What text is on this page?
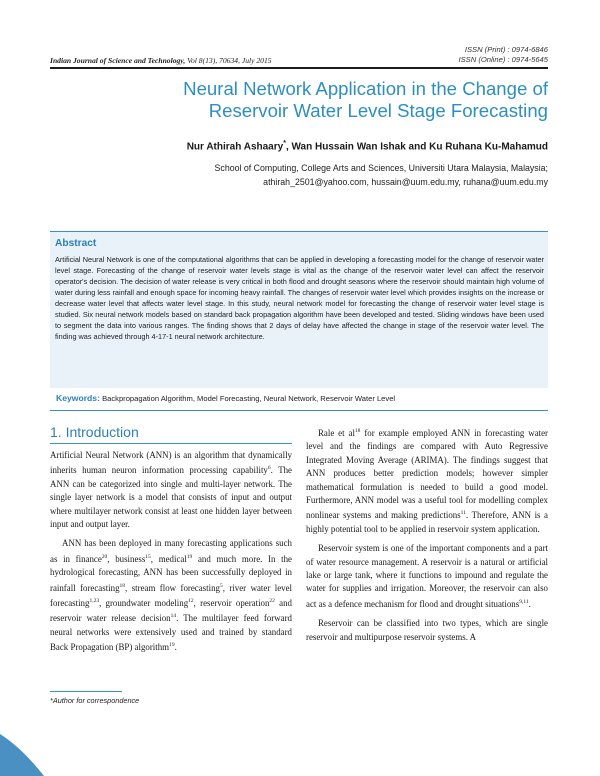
ISSN (Print) : 0974-6846
ISSN (Online) : 0974-5645
Indian Journal of Science and Technology, Vol 8(13), 70634, July 2015
Neural Network Application in the Change of
Reservoir Water Level Stage Forecasting
Nur Athirah Ashaary*, Wan Hussain Wan Ishak and Ku Ruhana Ku-Mahamud
School of Computing, College Arts and Sciences, Universiti Utara Malaysia, Malaysia;
athirah_2501@yahoo.com, hussain@uum.edu.my, ruhana@uum.edu.my
Abstract
Artificial Neural Network is one of the computational algorithms that can be applied in developing a forecasting model for the change of reservoir water level stage. Forecasting of the change of reservoir water levels stage is vital as the change of the reservoir water level can affect the reservoir operator's decision. The decision of water release is very critical in both flood and drought seasons where the reservoir should maintain high volume of water during less rainfall and enough space for incoming heavy rainfall. The changes of reservoir water level which provides insights on the increase or decrease water level that affects water level stage. In this study, neural network model for forecasting the change of reservoir water level stage is studied. Six neural network models based on standard back propagation algorithm have been developed and tested. Sliding windows have been used to segment the data into various ranges. The finding shows that 2 days of delay have affected the change in stage of the reservoir water level. The finding was achieved through 4-17-1 neural network architecture.
Keywords: Backpropagation Algorithm, Model Forecasting, Neural Network, Reservoir Water Level
1. Introduction

Artificial Neural Network (ANN) is an algorithm that dynamically inherits human neuron information processing capability$^6$. The ANN can be categorized into single and multi-layer network. The single layer network is a model that consists of input and output where multilayer network consist at least one hidden layer between input and output layer.

ANN has been deployed in many forecasting applications such as in finance$^{20}$, business$^{15}$, medical$^{19}$ and much more. In the hydrological forecasting, ANN has been successfully deployed in rainfall forecasting$^{18}$, stream flow forecasting$^5$, river water level forecasting$^{1,23}$, groundwater modeling$^{12}$, reservoir operation$^{22}$ and reservoir water release decision$^{14}$. The multilayer feed forward neural networks were extensively used and trained by standard Back Propagation (BP) algorithm$^{19}$.

Rale et $al^{18}$ for example employed ANN in forecasting water level and the findings are compared with Auto Regressive Integrated Moving Average (ARIMA). The findings suggest that ANN produces better prediction models; however simpler mathematical formulation is needed to build a good model. Furthermore, ANN model was a useful tool for modelling complex nonlinear systems and making predictions$^{11}$. Therefore, ANN is a highly potential tool to be applied in reservoir system application.

Reservoir system is one of the important components and a part of water resource management. A reservoir is a natural or artificial lake or large tank, where it functions to impound and regulate the water for supplies and irrigation. Moreover, the reservoir can also act as a defence mechanism for flood and drought situations$^{9,11}$.

Reservoir can be classified into two types, which are single reservoir and multipurpose reservoir systems. A

*Author for correspondence
